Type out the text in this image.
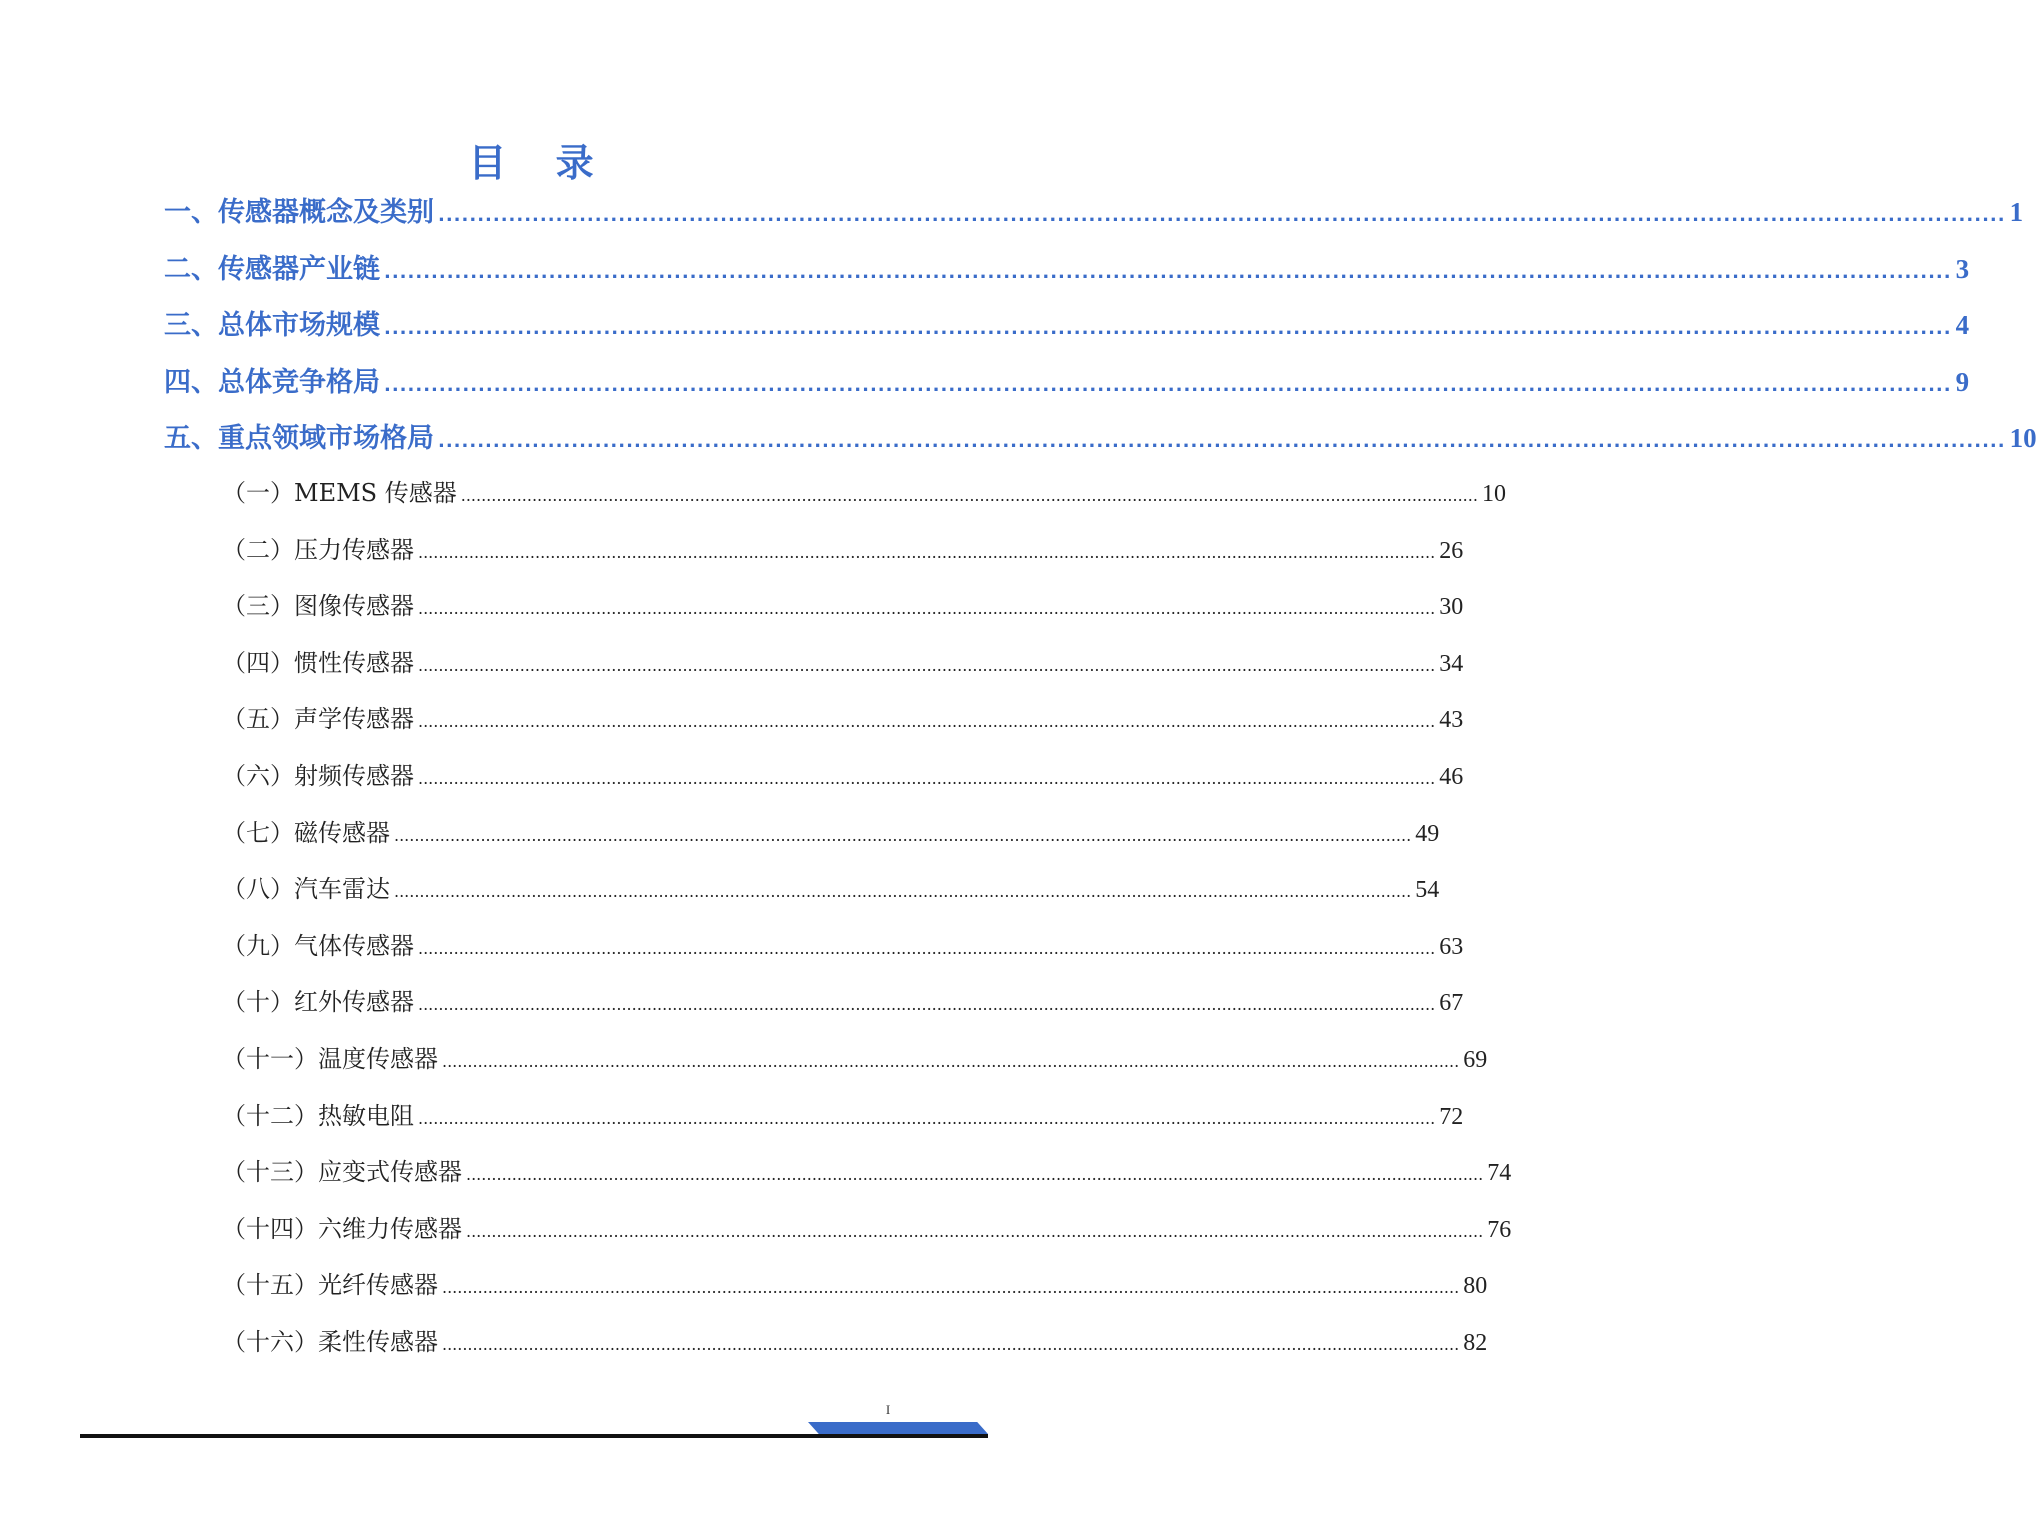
目 录
一、传感器概念及类别 ........................................................................................................................................................................................................ 1
二、传感器产业链 ........................................................................................................................................................................................................ 3
三、总体市场规模 ........................................................................................................................................................................................................ 4
四、总体竞争格局 ........................................................................................................................................................................................................ 9
五、重点领域市场格局 ........................................................................................................................................................................................................ 10
（一）MEMS 传感器 ........................................................................................................................................................................................................ 10
（二）压力传感器 ........................................................................................................................................................................................................ 26
（三）图像传感器 ........................................................................................................................................................................................................ 30
（四）惯性传感器 ........................................................................................................................................................................................................ 34
（五）声学传感器 ........................................................................................................................................................................................................ 43
（六）射频传感器 ........................................................................................................................................................................................................ 46
（七）磁传感器 ........................................................................................................................................................................................................ 49
（八）汽车雷达 ........................................................................................................................................................................................................ 54
（九）气体传感器 ........................................................................................................................................................................................................ 63
（十）红外传感器 ........................................................................................................................................................................................................ 67
（十一）温度传感器 ........................................................................................................................................................................................................ 69
（十二）热敏电阻 ........................................................................................................................................................................................................ 72
（十三）应变式传感器 ........................................................................................................................................................................................................ 74
（十四）六维力传感器 ........................................................................................................................................................................................................ 76
（十五）光纤传感器 ........................................................................................................................................................................................................ 80
（十六）柔性传感器 ........................................................................................................................................................................................................ 82
I
